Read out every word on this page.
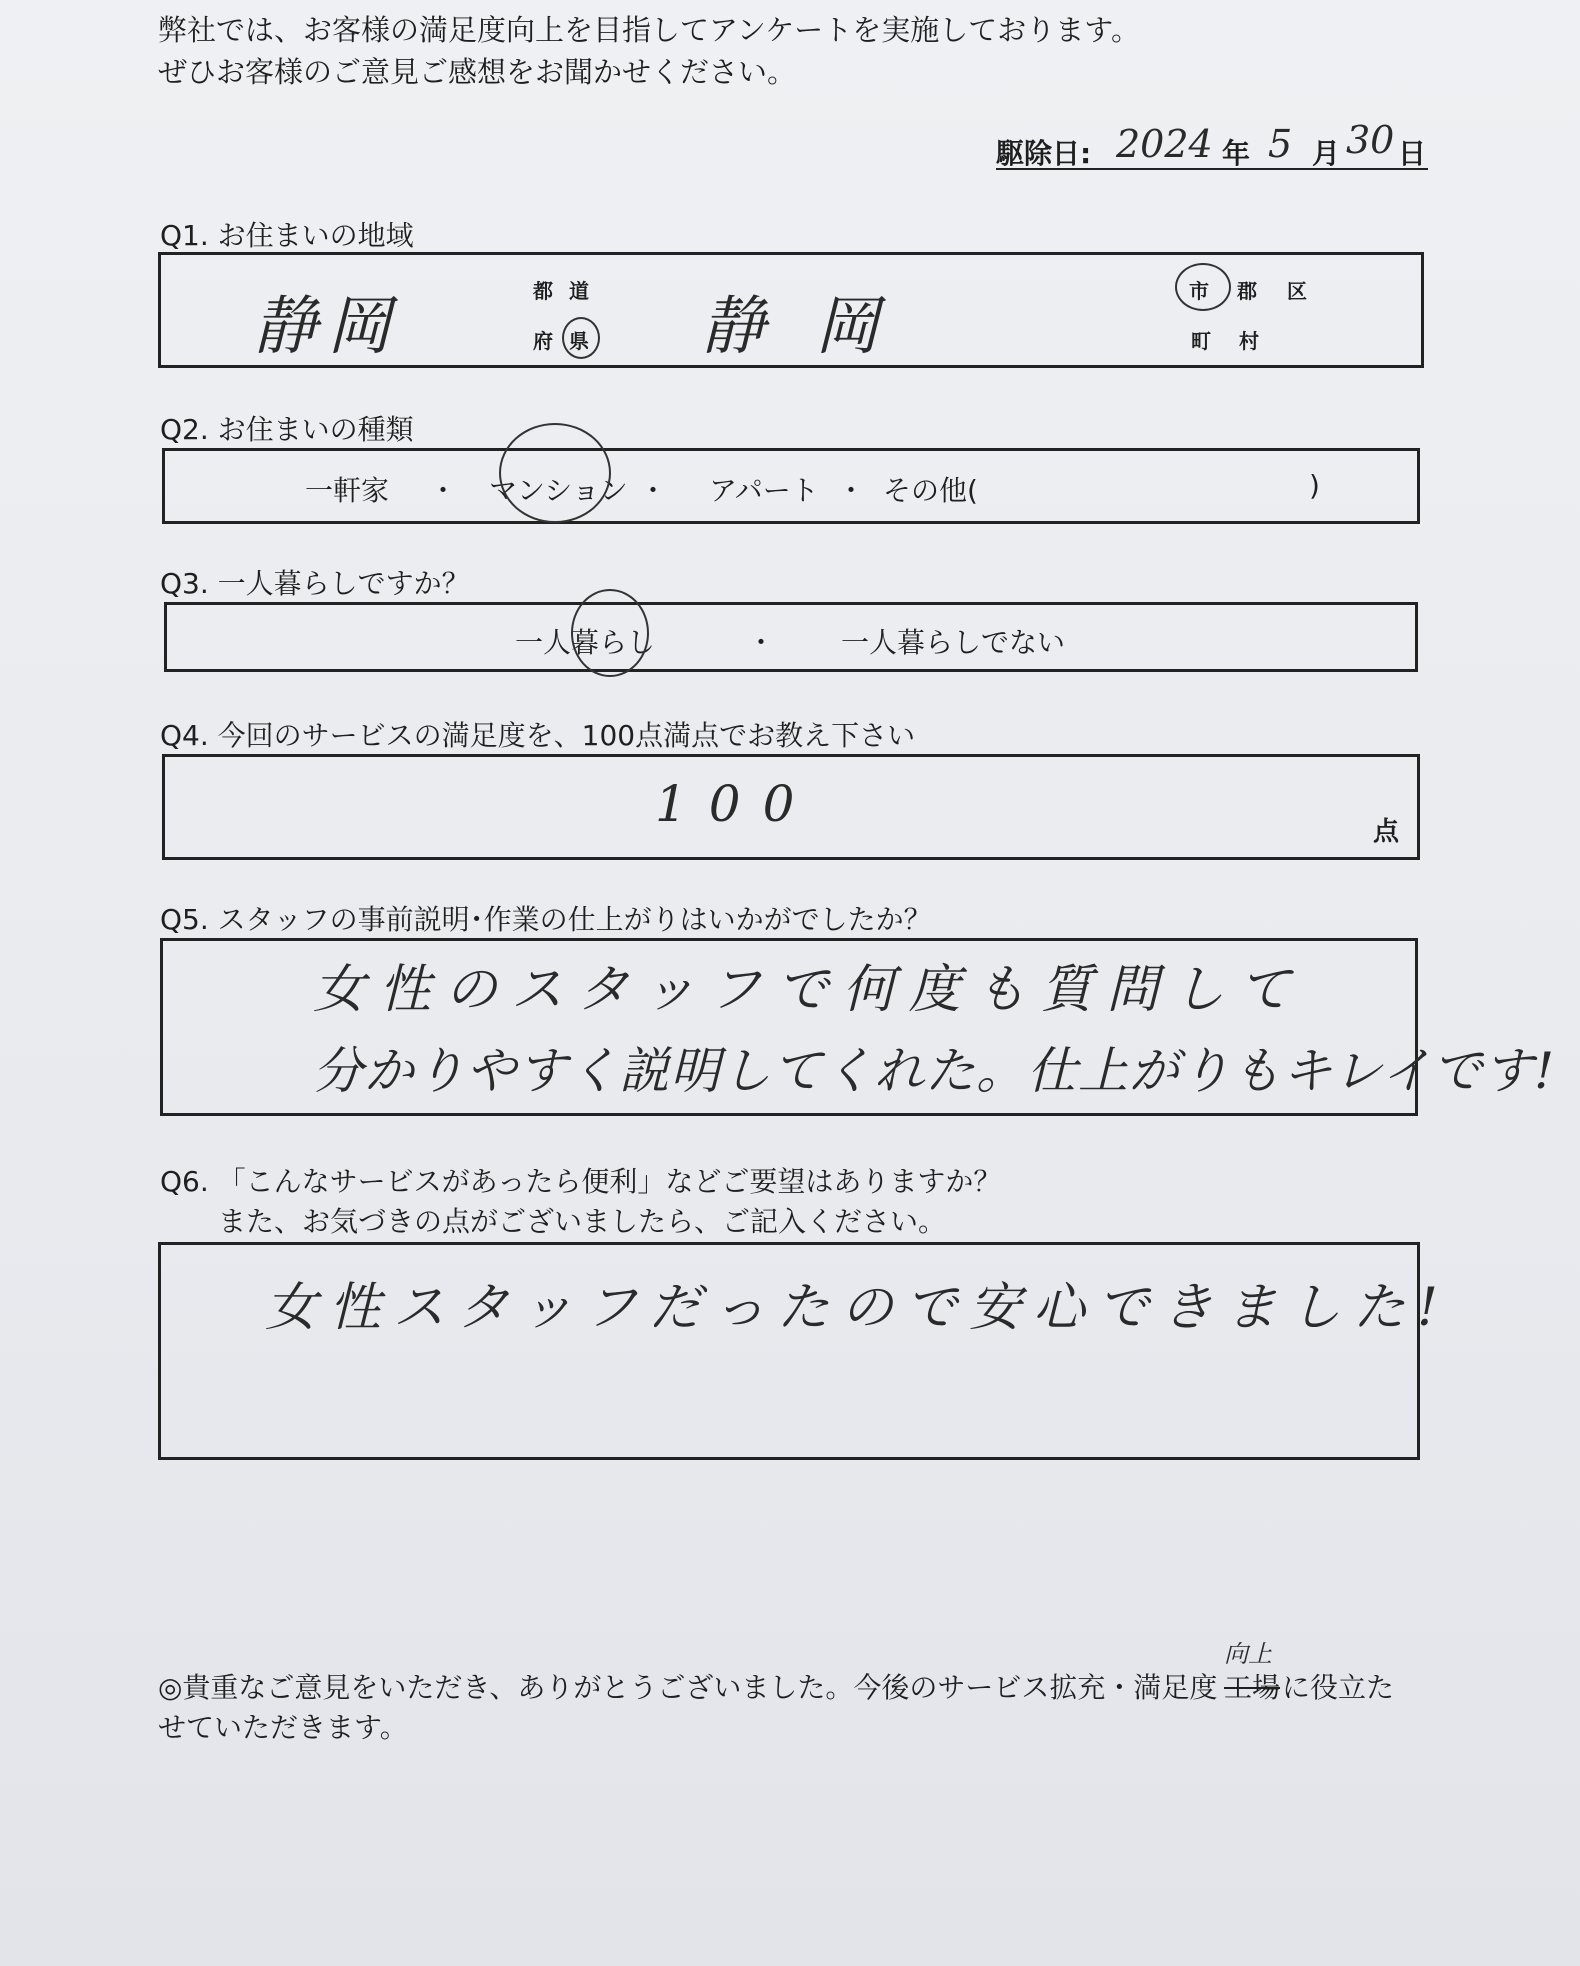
弊社では、お客様の満足度向上を目指してアンケートを実施しております。
ぜひお客様のご意見ご感想をお聞かせください。
駆除日: 2024 年 5 月 30 日
Q1. お住まいの地域
静岡	都 道
府 県 静岡	市 郡 区
町 村
Q2. お住まいの種類
一軒家 ・ マンション ・ アパート ・ その他(	)
Q3. 一人暮らしですか？
一人暮らし	・ 一人暮らしでない
Q4. 今回のサービスの満足度を、100点満点でお教え下さい
100	点
Q5. スタッフの事前説明･作業の仕上がりはいかがでしたか？
女性のスタッフで何度も質問して
分かりやすく説明してくれた。仕上がりもキレイです!
Q6. 「こんなサービスがあったら便利」などご要望はありますか？
また、お気づきの点がございましたら、ご記入ください。
女性スタッフだったので安心できました!
◎貴重なご意見をいただき、ありがとうございました。今後のサービス拡充・満足度 工場
向上
に役立た
せていただきます。
